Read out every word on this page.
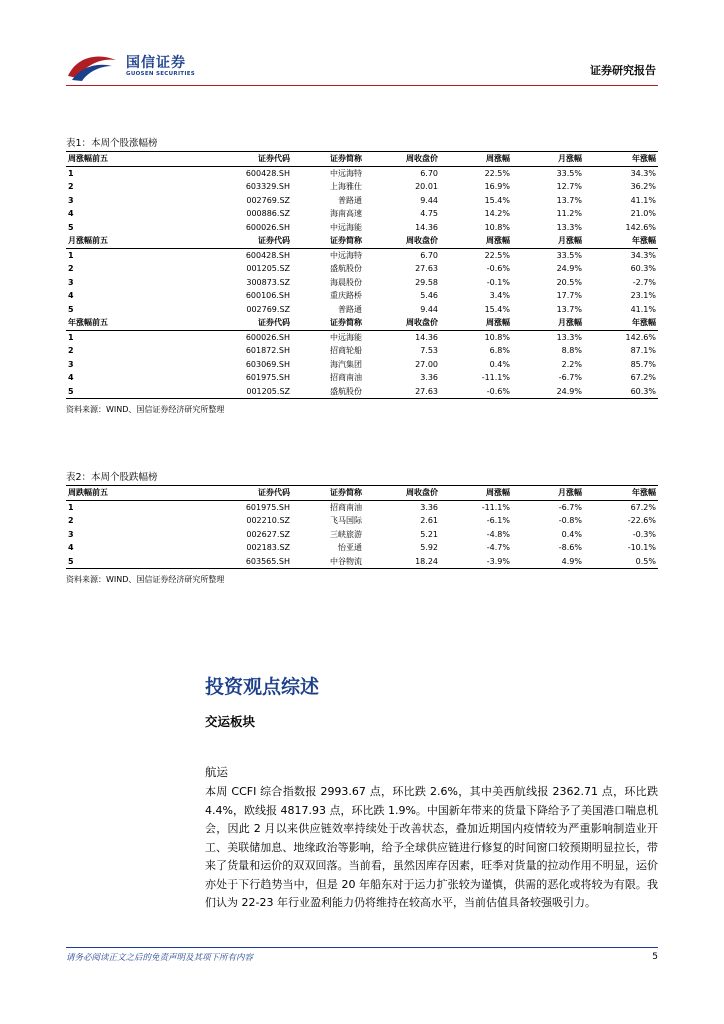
国信证券
GUOSEN SECURITIES	证券研究报告
表1：本周个股涨幅榜
周涨幅前五	证券代码	证券简称	周收盘价	周涨幅	月涨幅	年涨幅
1	600428.SH	中远海特	6.70	22.5%	33.5%	34.3%
2	603329.SH	上海雅仕	20.01	16.9%	12.7%	36.2%
3	002769.SZ	普路通	9.44	15.4%	13.7%	41.1%
4	000886.SZ	海南高速	4.75	14.2%	11.2%	21.0%
5	600026.SH	中远海能	14.36	10.8%	13.3%	142.6%
月涨幅前五	证券代码	证券简称	周收盘价	周涨幅	月涨幅	年涨幅
1	600428.SH	中远海特	6.70	22.5%	33.5%	34.3%
2	001205.SZ	盛航股份	27.63	-0.6%	24.9%	60.3%
3	300873.SZ	海晨股份	29.58	-0.1%	20.5%	-2.7%
4	600106.SH	重庆路桥	5.46	3.4%	17.7%	23.1%
5	002769.SZ	普路通	9.44	15.4%	13.7%	41.1%
年涨幅前五	证券代码	证券简称	周收盘价	周涨幅	月涨幅	年涨幅
1	600026.SH	中远海能	14.36	10.8%	13.3%	142.6%
2	601872.SH	招商轮船	7.53	6.8%	8.8%	87.1%
3	603069.SH	海汽集团	27.00	0.4%	2.2%	85.7%
4	601975.SH	招商南油	3.36	-11.1%	-6.7%	67.2%
5	001205.SZ	盛航股份	27.63	-0.6%	24.9%	60.3%
资料来源：WIND、国信证券经济研究所整理
表2：本周个股跌幅榜
周跌幅前五	证券代码	证券简称	周收盘价	周涨幅	月涨幅	年涨幅
1	601975.SH	招商南油	3.36	-11.1%	-6.7%	67.2%
2	002210.SZ	飞马国际	2.61	-6.1%	-0.8%	-22.6%
3	002627.SZ	三峡旅游	5.21	-4.8%	0.4%	-0.3%
4	002183.SZ	怡亚通	5.92	-4.7%	-8.6%	-10.1%
5	603565.SH	中谷物流	18.24	-3.9%	4.9%	0.5%
资料来源：WIND、国信证券经济研究所整理
投资观点综述
交运板块
航运
本周 CCFI 综合指数报 2993.67 点，环比跌 2.6%，其中美西航线报 2362.71 点，环比跌 4.4%，欧线报 4817.93 点，环比跌 1.9%。中国新年带来的货量下降给予了美国港口喘息机会，因此 2 月以来供应链效率持续处于改善状态，叠加近期国内疫情较为严重影响制造业开工、美联储加息、地缘政治等影响，给予全球供应链进行修复的时间窗口较预期明显拉长，带来了货量和运价的双双回落。当前看，虽然因库存因素，旺季对货量的拉动作用不明显，运价亦处于下行趋势当中，但是 20 年船东对于运力扩张较为谨慎，供需的恶化或将较为有限。我们认为 22-23 年行业盈利能力仍将维持在较高水平，当前估值具备较强吸引力。
请务必阅读正文之后的免责声明及其项下所有内容	5
